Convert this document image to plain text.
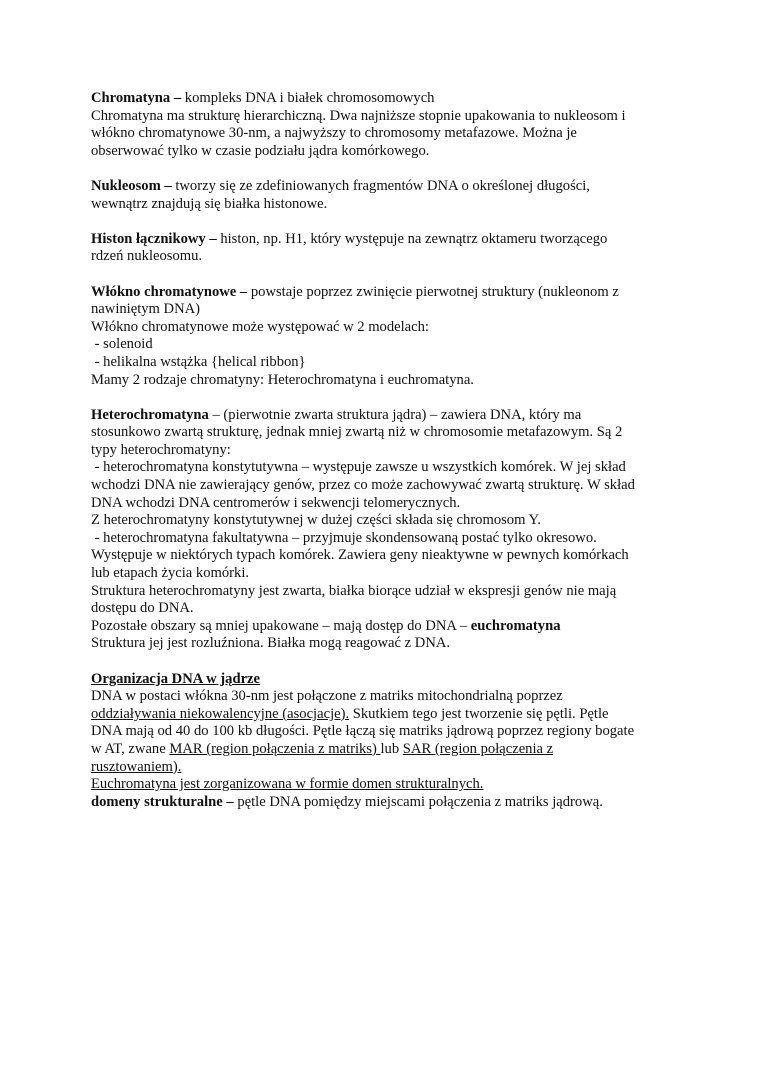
Chromatyna – kompleks DNA i białek chromosomowych
Chromatyna ma strukturę hierarchiczną. Dwa najniższe stopnie upakowania to nukleosom i
włókno chromatynowe 30-nm, a najwyższy to chromosomy metafazowe. Można je
obserwować tylko w czasie podziału jądra komórkowego.
Nukleosom – tworzy się ze zdefiniowanych fragmentów DNA o określonej długości,
wewnątrz znajdują się białka histonowe.
Histon łącznikowy – histon, np. H1, który występuje na zewnątrz oktameru tworzącego
rdzeń nukleosomu.
Włókno chromatynowe – powstaje poprzez zwinięcie pierwotnej struktury (nukleonom z
nawiniętym DNA)
Włókno chromatynowe może występować w 2 modelach:
- solenoid
- helikalna wstążka {helical ribbon}
Mamy 2 rodzaje chromatyny: Heterochromatyna i euchromatyna.
Heterochromatyna – (pierwotnie zwarta struktura jądra) – zawiera DNA, który ma
stosunkowo zwartą strukturę, jednak mniej zwartą niż w chromosomie metafazowym. Są 2
typy heterochromatyny:
- heterochromatyna konstytutywna – występuje zawsze u wszystkich komórek. W jej skład
wchodzi DNA nie zawierający genów, przez co może zachowywać zwartą strukturę. W skład
DNA wchodzi DNA centromerów i sekwencji telomerycznych.
Z heterochromatyny konstytutywnej w dużej części składa się chromosom Y.
- heterochromatyna fakultatywna – przyjmuje skondensowaną postać tylko okresowo.
Występuje w niektórych typach komórek. Zawiera geny nieaktywne w pewnych komórkach
lub etapach życia komórki.
Struktura heterochromatyny jest zwarta, białka biorące udział w ekspresji genów nie mają
dostępu do DNA.
Pozostałe obszary są mniej upakowane – mają dostęp do DNA – euchromatyna
Struktura jej jest rozluźniona. Białka mogą reagować z DNA.
Organizacja DNA w jądrze
DNA w postaci włókna 30-nm jest połączone z matriks mitochondrialną poprzez
oddziaływania niekowalencyjne (asocjacje). Skutkiem tego jest tworzenie się pętli. Pętle
DNA mają od 40 do 100 kb długości. Pętle łączą się matriks jądrową poprzez regiony bogate
w AT, zwane MAR (region połączenia z matriks) lub SAR (region połączenia z
rusztowaniem).
Euchromatyna jest zorganizowana w formie domen strukturalnych.
domeny strukturalne – pętle DNA pomiędzy miejscami połączenia z matriks jądrową.
